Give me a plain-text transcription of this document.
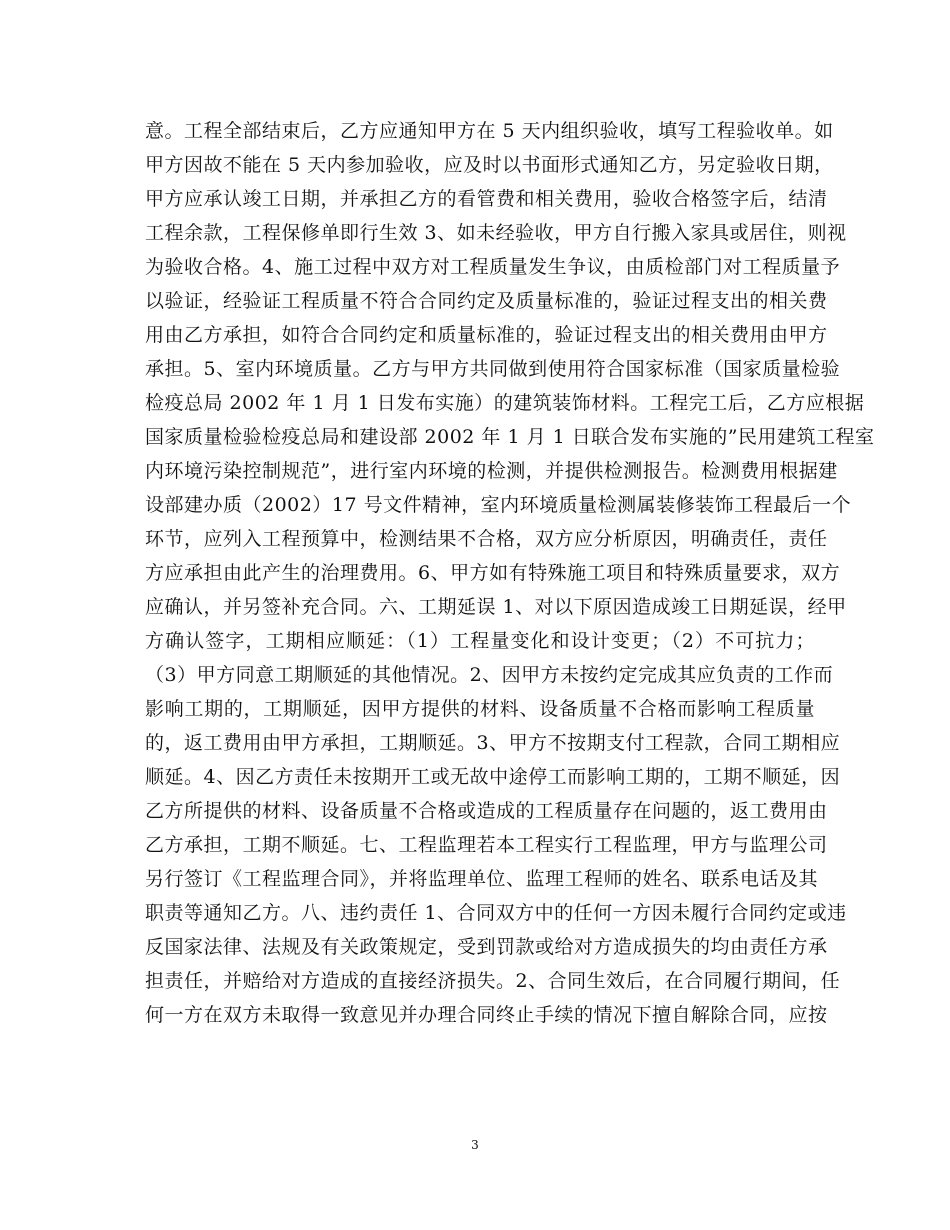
意。工程全部结束后，乙方应通知甲方在 5 天内组织验收，填写工程验收单。如
甲方因故不能在 5 天内参加验收，应及时以书面形式通知乙方，另定验收日期，
甲方应承认竣工日期，并承担乙方的看管费和相关费用，验收合格签字后，结清
工程余款，工程保修单即行生效 3、如未经验收，甲方自行搬入家具或居住，则视
为验收合格。4、施工过程中双方对工程质量发生争议，由质检部门对工程质量予
以验证，经验证工程质量不符合合同约定及质量标准的，验证过程支出的相关费
用由乙方承担，如符合合同约定和质量标准的，验证过程支出的相关费用由甲方
承担。5、室内环境质量。乙方与甲方共同做到使用符合国家标准（国家质量检验
检疫总局 2002 年 1 月 1 日发布实施）的建筑装饰材料。工程完工后，乙方应根据
国家质量检验检疫总局和建设部 2002 年 1 月 1 日联合发布实施的”民用建筑工程室
内环境污染控制规范”，进行室内环境的检测，并提供检测报告。检测费用根据建
设部建办质（2002）17 号文件精神，室内环境质量检测属装修装饰工程最后一个
环节，应列入工程预算中，检测结果不合格，双方应分析原因，明确责任，责任
方应承担由此产生的治理费用。6、甲方如有特殊施工项目和特殊质量要求，双方
应确认，并另签补充合同。六、工期延误 1、对以下原因造成竣工日期延误，经甲
方确认签字，工期相应顺延：（1）工程量变化和设计变更；（2）不可抗力；
（3）甲方同意工期顺延的其他情况。2、因甲方未按约定完成其应负责的工作而
影响工期的，工期顺延，因甲方提供的材料、设备质量不合格而影响工程质量
的，返工费用由甲方承担，工期顺延。3、甲方不按期支付工程款，合同工期相应
顺延。4、因乙方责任未按期开工或无故中途停工而影响工期的，工期不顺延，因
乙方所提供的材料、设备质量不合格或造成的工程质量存在问题的，返工费用由
乙方承担，工期不顺延。七、工程监理若本工程实行工程监理，甲方与监理公司
另行签订《工程监理合同》，并将监理单位、监理工程师的姓名、联系电话及其
职责等通知乙方。八、违约责任 1、合同双方中的任何一方因未履行合同约定或违
反国家法律、法规及有关政策规定，受到罚款或给对方造成损失的均由责任方承
担责任，并赔给对方造成的直接经济损失。2、合同生效后，在合同履行期间，任
何一方在双方未取得一致意见并办理合同终止手续的情况下擅自解除合同，应按
3
